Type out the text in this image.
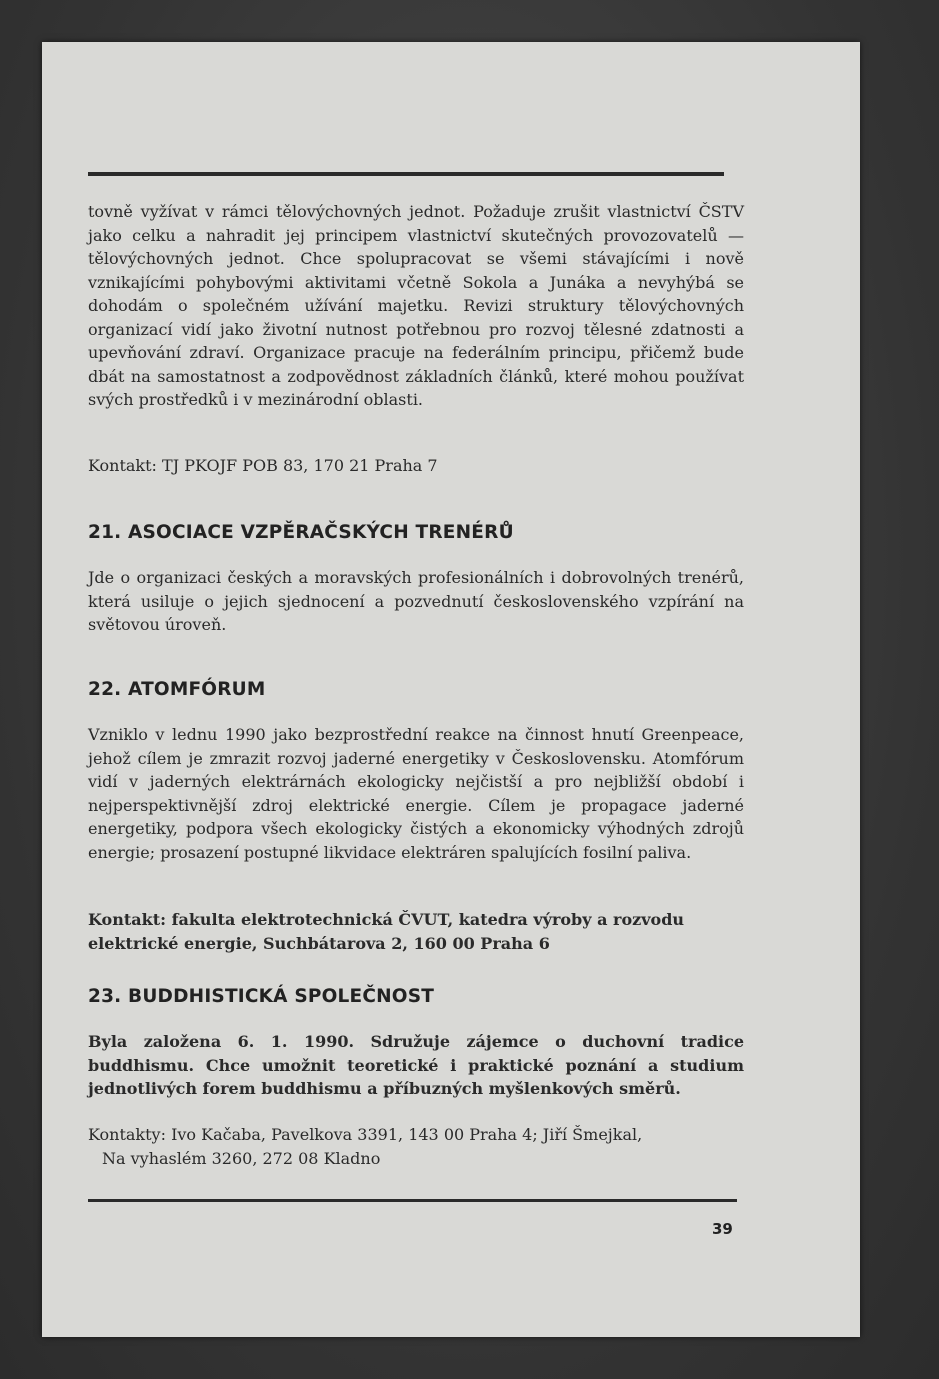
tovně vyžívat v rámci tělovýchovných jednot. Požaduje zrušit vlastnictví ČSTV jako celku a nahradit jej principem vlastnictví skutečných provozovatelů — tělovýchovných jednot. Chce spolupracovat se všemi stávajícími i nově vznikajícími pohybovými aktivitami včetně Sokola a Junáka a nevyhýbá se dohodám o společném užívání majetku. Revizi struktury tělovýchovných organizací vidí jako životní nutnost potřebnou pro rozvoj tělesné zdatnosti a upevňování zdraví. Organizace pracuje na federálním principu, přičemž bude dbát na samostatnost a zodpovědnost základních článků, které mohou používat svých prostředků i v mezinárodní oblasti.

Kontakt: TJ PKOJF POB 83, 170 21 Praha 7
21. ASOCIACE VZPĚRAČSKÝCH TRENÉRŮ

Jde o organizaci českých a moravských profesionálních i dobrovolných trenérů, která usiluje o jejich sjednocení a pozvednutí československého vzpírání na světovou úroveň.

22. ATOMFÓRUM

Vzniklo v lednu 1990 jako bezprostřední reakce na činnost hnutí Greenpeace, jehož cílem je zmrazit rozvoj jaderné energetiky v Československu. Atomfórum vidí v jaderných elektrárnách ekologicky nejčistší a pro nejbližší období i nejperspektivnější zdroj elektrické energie. Cílem je propagace jaderné energetiky, podpora všech ekologicky čistých a ekonomicky výhodných zdrojů energie; prosazení postupné likvidace elektráren spalujících fosilní paliva.

Kontakt: fakulta elektrotechnická ČVUT, katedra výroby a rozvodu
elektrické energie, Suchbátarova 2, 160 00 Praha 6
23. BUDDHISTICKÁ SPOLEČNOST

Byla založena 6. 1. 1990. Sdružuje zájemce o duchovní tradice buddhismu. Chce umožnit teoretické i praktické poznání a studium jednotlivých forem buddhismu a příbuzných myšlenkových směrů.

Kontakty: Ivo Kačaba, Pavelkova 3391, 143 00 Praha 4; Jiří Šmejkal,
Na vyhaslém 3260, 272 08 Kladno
39
